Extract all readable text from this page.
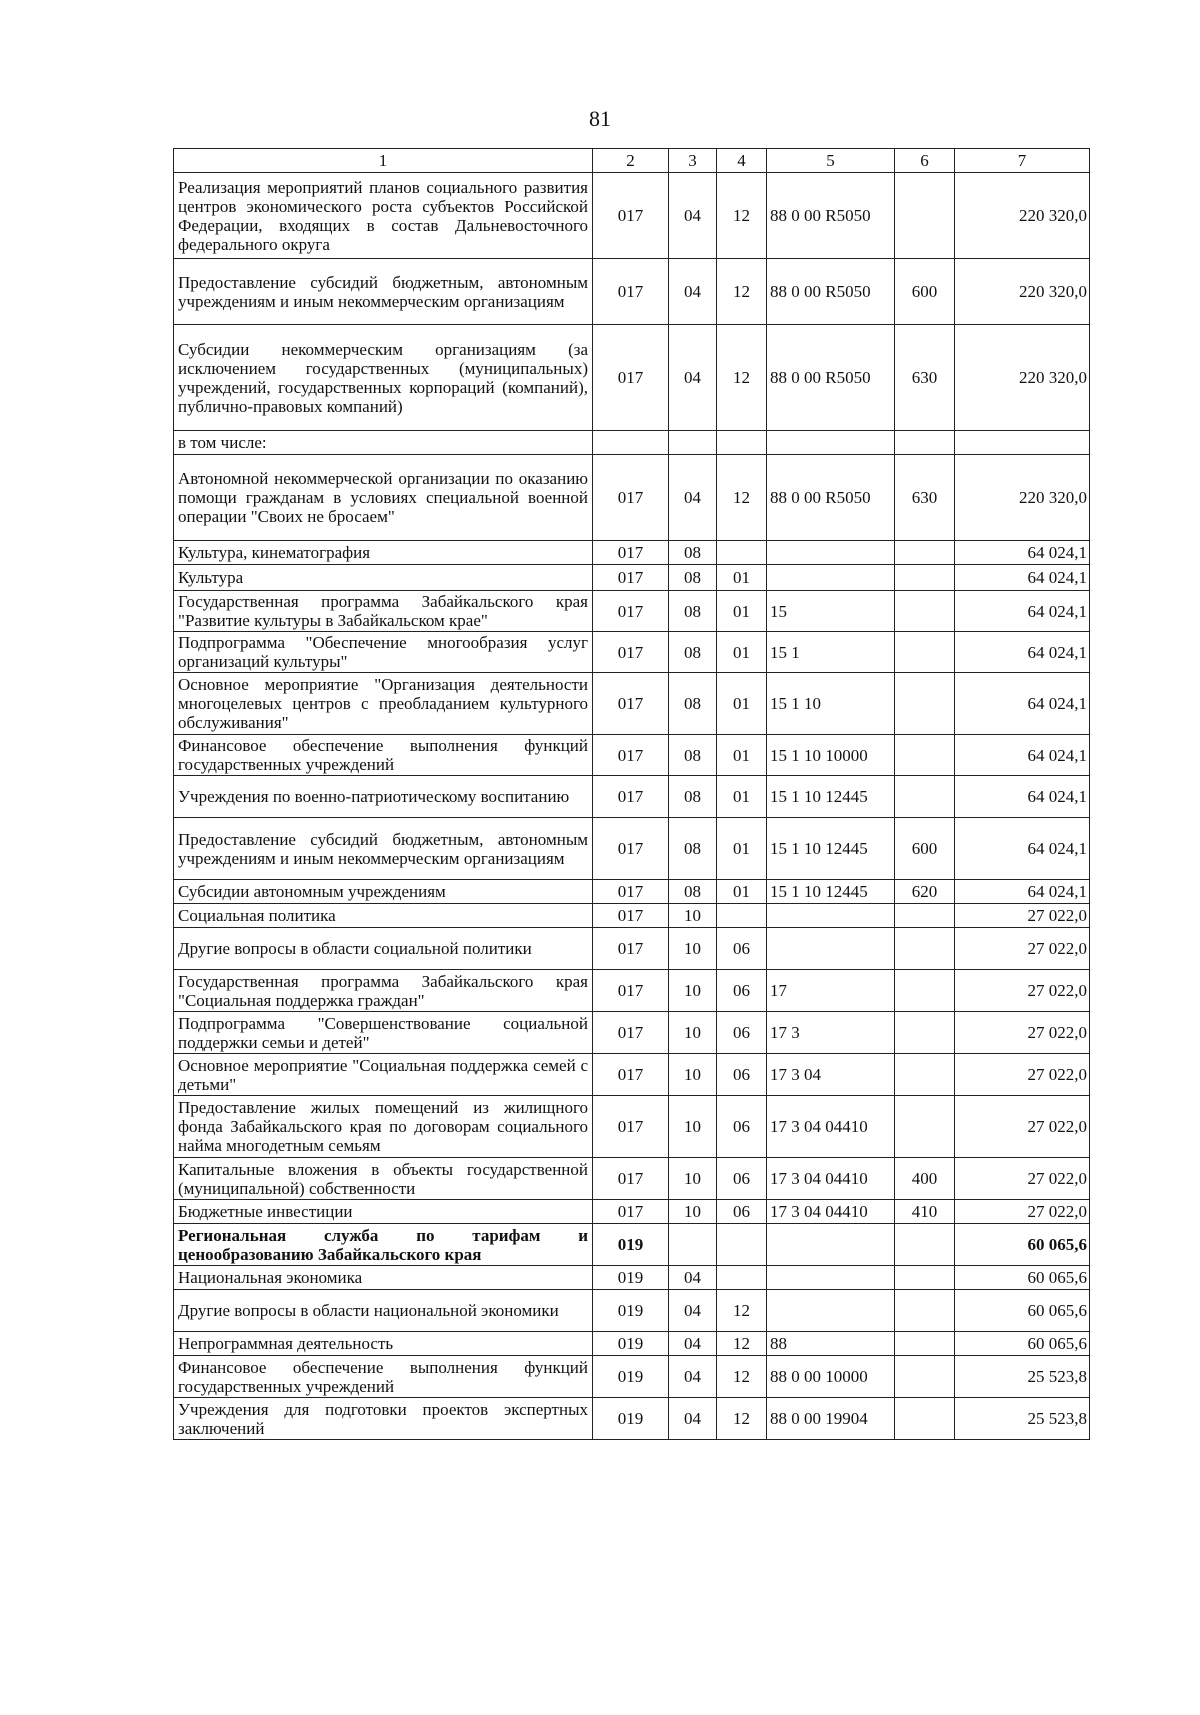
81
1	2	3	4	5	6	7
Реализация мероприятий планов социального развития центров экономического роста субъектов Российской Федерации, входящих в состав Дальневосточного федерального округа	017	04	12	88 0 00 R5050		220 320,0
Предоставление субсидий бюджетным, автономным учреждениям и иным некоммерческим организациям	017	04	12	88 0 00 R5050	600	220 320,0
Субсидии некоммерческим организациям (за исключением государственных (муниципальных) учреждений, государственных корпораций (компаний), публично-правовых компаний)	017	04	12	88 0 00 R5050	630	220 320,0
в том числе:						
Автономной некоммерческой организации по оказанию помощи гражданам в условиях специальной военной операции "Своих не бросаем"	017	04	12	88 0 00 R5050	630	220 320,0
Культура, кинематография	017	08				64 024,1
Культура	017	08	01			64 024,1
Государственная программа Забайкальского края "Развитие культуры в Забайкальском крае"	017	08	01	15		64 024,1
Подпрограмма "Обеспечение многообразия услуг организаций культуры"	017	08	01	15 1		64 024,1
Основное мероприятие "Организация деятельности многоцелевых центров с преобладанием культурного обслуживания"	017	08	01	15 1 10		64 024,1
Финансовое обеспечение выполнения функций государственных учреждений	017	08	01	15 1 10 10000		64 024,1
Учреждения по военно-патриотическому воспитанию	017	08	01	15 1 10 12445		64 024,1
Предоставление субсидий бюджетным, автономным учреждениям и иным некоммерческим организациям	017	08	01	15 1 10 12445	600	64 024,1
Субсидии автономным учреждениям	017	08	01	15 1 10 12445	620	64 024,1
Социальная политика	017	10				27 022,0
Другие вопросы в области социальной политики	017	10	06			27 022,0
Государственная программа Забайкальского края "Социальная поддержка граждан"	017	10	06	17		27 022,0
Подпрограмма "Совершенствование социальной поддержки семьи и детей"	017	10	06	17 3		27 022,0
Основное мероприятие "Социальная поддержка семей с детьми"	017	10	06	17 3 04		27 022,0
Предоставление жилых помещений из жилищного фонда Забайкальского края по договорам социального найма многодетным семьям	017	10	06	17 3 04 04410		27 022,0
Капитальные вложения в объекты государственной (муниципальной) собственности	017	10	06	17 3 04 04410	400	27 022,0
Бюджетные инвестиции	017	10	06	17 3 04 04410	410	27 022,0
Региональная служба по тарифам и ценообразованию Забайкальского края	019					60 065,6
Национальная экономика	019	04				60 065,6
Другие вопросы в области национальной экономики	019	04	12			60 065,6
Непрограммная деятельность	019	04	12	88		60 065,6
Финансовое обеспечение выполнения функций государственных учреждений	019	04	12	88 0 00 10000		25 523,8
Учреждения для подготовки проектов экспертных заключений	019	04	12	88 0 00 19904		25 523,8
